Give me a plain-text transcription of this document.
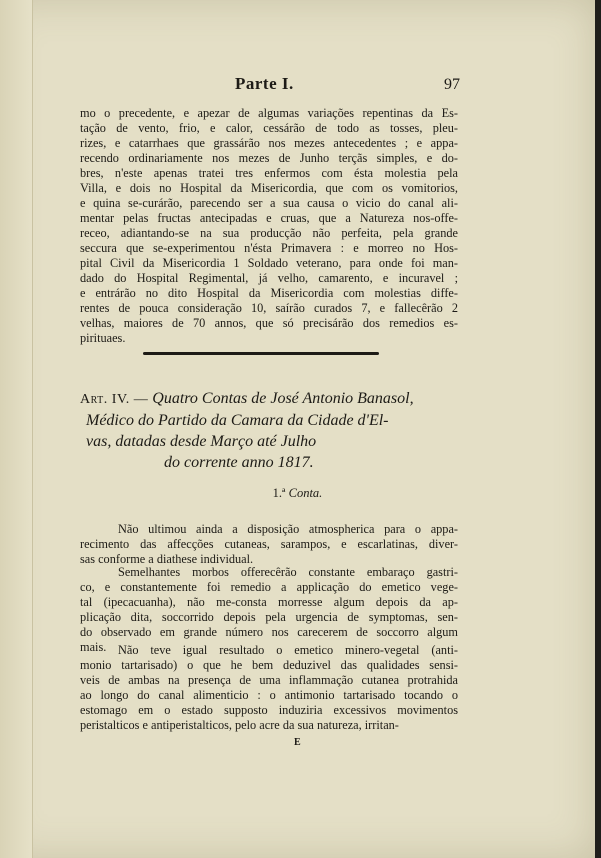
Parte I.	97

mo o precedente, e apezar de algumas variações repentinas da Es-
tação de vento, frio, e calor, cessárão de todo as tosses, pleu-
rizes, e catarrhaes que grassárão nos mezes antecedentes ; e appa-
recendo ordinariamente nos mezes de Junho terçãs simples, e do-
bres, n'este apenas tratei tres enfermos com ésta molestia pela
Villa, e dois no Hospital da Misericordia, que com os vomitorios,
e quina se-curárão, parecendo ser a sua causa o vicio do canal ali-
mentar pelas fructas antecipadas e cruas, que a Natureza nos-offe-
receo, adiantando-se na sua producção não perfeita, pela grande
seccura que se-experimentou n'ésta Primavera : e morreo no Hos-
pital Civil da Misericordia 1 Soldado veterano, para onde foi man-
dado do Hospital Regimental, já velho, camarento, e incuravel ;
e entrárão no dito Hospital da Misericordia com molestias diffe-
rentes de pouca consideração 10, saírão curados 7, e fallecêrão 2
velhas, maiores de 70 annos, que só precisárão dos remedios es-
pirituaes.

Art. IV. — Quatro Contas de José Antonio Banasol,
Médico do Partido da Camara da Cidade d'El-
vas, datadas desde Março até Julho
do corrente anno 1817.
1.ª Conta.

Não ultimou ainda a disposição atmospherica para o appa-
recimento das affecções cutaneas, sarampos, e escarlatinas, diver-
sas conforme a diathese individual.

Semelhantes morbos offerecêrão constante embaraço gastri-
co, e constantemente foi remedio a applicação do emetico vege-
tal (ipecacuanha), não me-consta morresse algum depois da ap-
plicação dita, soccorrido depois pela urgencia de symptomas, sen-
do observado em grande número nos carecerem de soccorro algum
mais. Não teve igual resultado o emetico minero-vegetal (anti-
monio tartarisado) o que he bem deduzivel das qualidades sensi-
veis de ambas na presença de uma inflammação cutanea protrahida
ao longo do canal alimenticio : o antimonio tartarisado tocando o
estomago em o estado supposto induziria excessivos movimentos
peristalticos e antiperistalticos, pelo acre da sua natureza, irritan-

E
